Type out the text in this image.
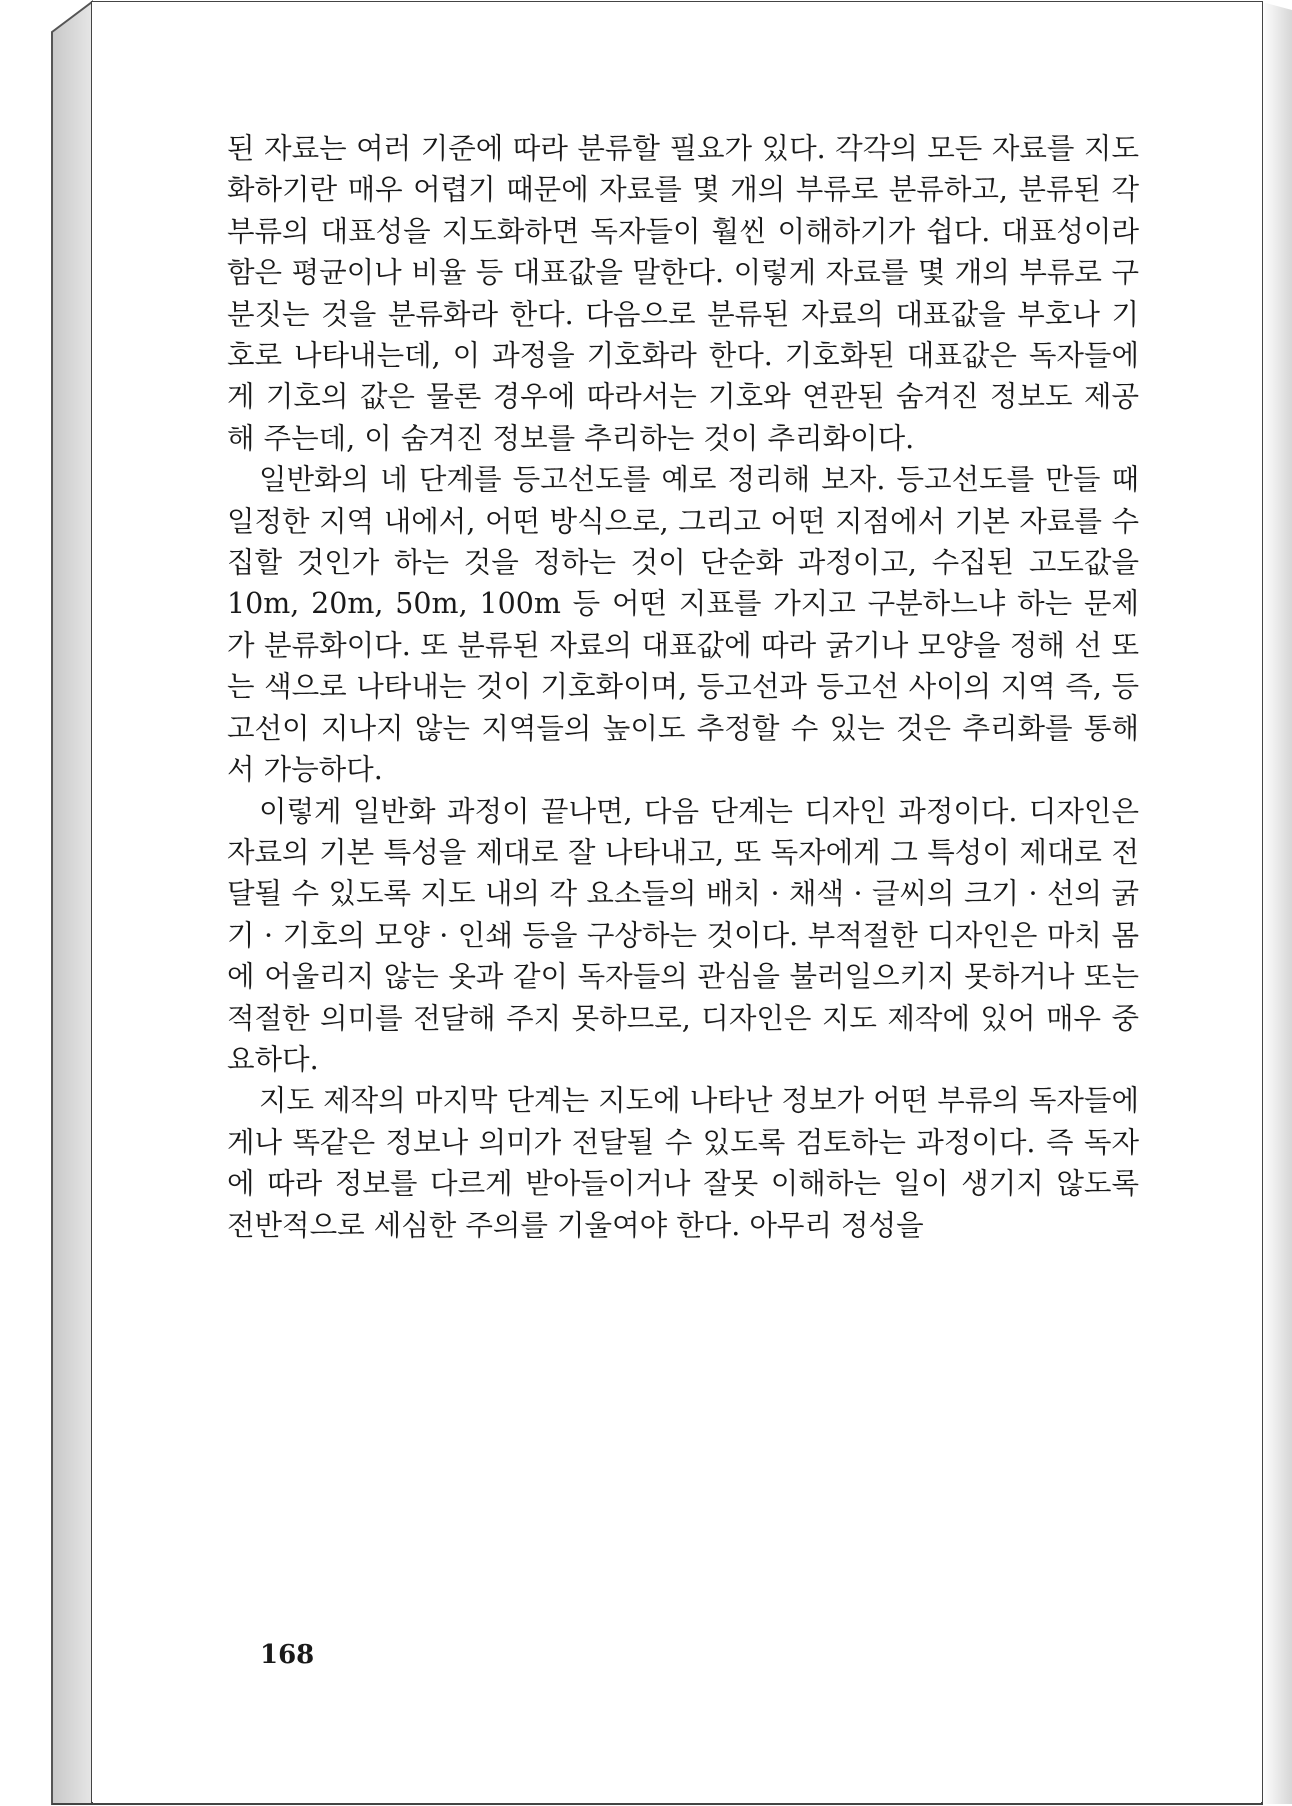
된 자료는 여러 기준에 따라 분류할 필요가 있다. 각각의 모든 자료를 지도화하기란 매우 어렵기 때문에 자료를 몇 개의 부류로 분류하고, 분류된 각 부류의 대표성을 지도화하면 독자들이 훨씬 이해하기가 쉽다. 대표성이라 함은 평균이나 비율 등 대표값을 말한다. 이렇게 자료를 몇 개의 부류로 구분짓는 것을 분류화라 한다. 다음으로 분류된 자료의 대표값을 부호나 기호로 나타내는데, 이 과정을 기호화라 한다. 기호화된 대표값은 독자들에게 기호의 값은 물론 경우에 따라서는 기호와 연관된 숨겨진 정보도 제공해 주는데, 이 숨겨진 정보를 추리하는 것이 추리화이다.

일반화의 네 단계를 등고선도를 예로 정리해 보자. 등고선도를 만들 때 일정한 지역 내에서, 어떤 방식으로, 그리고 어떤 지점에서 기본 자료를 수집할 것인가 하는 것을 정하는 것이 단순화 과정이고, 수집된 고도값을 10m, 20m, 50m, 100m 등 어떤 지표를 가지고 구분하느냐 하는 문제가 분류화이다. 또 분류된 자료의 대표값에 따라 굵기나 모양을 정해 선 또는 색으로 나타내는 것이 기호화이며, 등고선과 등고선 사이의 지역 즉, 등고선이 지나지 않는 지역들의 높이도 추정할 수 있는 것은 추리화를 통해서 가능하다.

이렇게 일반화 과정이 끝나면, 다음 단계는 디자인 과정이다. 디자인은 자료의 기본 특성을 제대로 잘 나타내고, 또 독자에게 그 특성이 제대로 전달될 수 있도록 지도 내의 각 요소들의 배치 · 채색 · 글씨의 크기 · 선의 굵기 · 기호의 모양 · 인쇄 등을 구상하는 것이다. 부적절한 디자인은 마치 몸에 어울리지 않는 옷과 같이 독자들의 관심을 불러일으키지 못하거나 또는 적절한 의미를 전달해 주지 못하므로, 디자인은 지도 제작에 있어 매우 중요하다.

지도 제작의 마지막 단계는 지도에 나타난 정보가 어떤 부류의 독자들에게나 똑같은 정보나 의미가 전달될 수 있도록 검토하는 과정이다. 즉 독자에 따라 정보를 다르게 받아들이거나 잘못 이해하는 일이 생기지 않도록 전반적으로 세심한 주의를 기울여야 한다. 아무리 정성을

168
